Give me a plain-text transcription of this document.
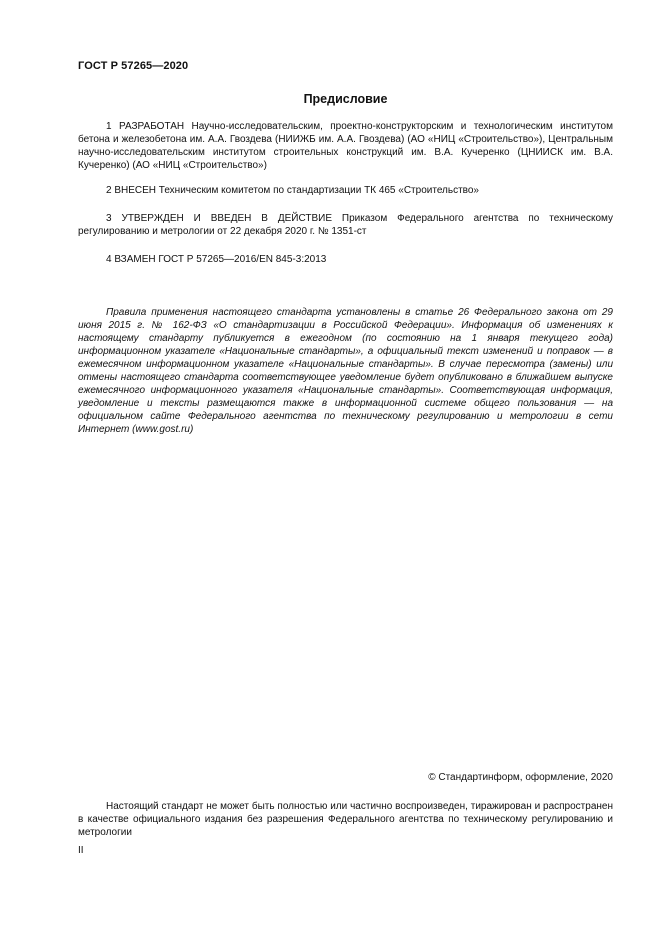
ГОСТ Р 57265—2020
Предисловие

1 РАЗРАБОТАН Научно-исследовательским, проектно-конструкторским и технологическим институтом бетона и железобетона им. А.А. Гвоздева (НИИЖБ им. А.А. Гвоздева) (АО «НИЦ «Строительство»), Центральным научно-исследовательским институтом строительных конструкций им. В.А. Кучеренко (ЦНИИСК им. В.А. Кучеренко) (АО «НИЦ «Строительство»)

2 ВНЕСЕН Техническим комитетом по стандартизации ТК 465 «Строительство»

3 УТВЕРЖДЕН И ВВЕДЕН В ДЕЙСТВИЕ Приказом Федерального агентства по техническому регулированию и метрологии от 22 декабря 2020 г. № 1351-ст

4 ВЗАМЕН ГОСТ Р 57265—2016/EN 845-3:2013

Правила применения настоящего стандарта установлены в статье 26 Федерального закона от 29 июня 2015 г. № 162-ФЗ «О стандартизации в Российской Федерации». Информация об изменениях к настоящему стандарту публикуется в ежегодном (по состоянию на 1 января текущего года) информационном указателе «Национальные стандарты», а официальный текст изменений и поправок — в ежемесячном информационном указателе «Национальные стандарты». В случае пересмотра (замены) или отмены настоящего стандарта соответствующее уведомление будет опубликовано в ближайшем выпуске ежемесячного информационного указателя «Национальные стандарты». Соответствующая информация, уведомление и тексты размещаются также в информационной системе общего пользования — на официальном сайте Федерального агентства по техническому регулированию и метрологии в сети Интернет (www.gost.ru)

© Стандартинформ, оформление, 2020

Настоящий стандарт не может быть полностью или частично воспроизведен, тиражирован и распространен в качестве официального издания без разрешения Федерального агентства по техническому регулированию и метрологии

II
